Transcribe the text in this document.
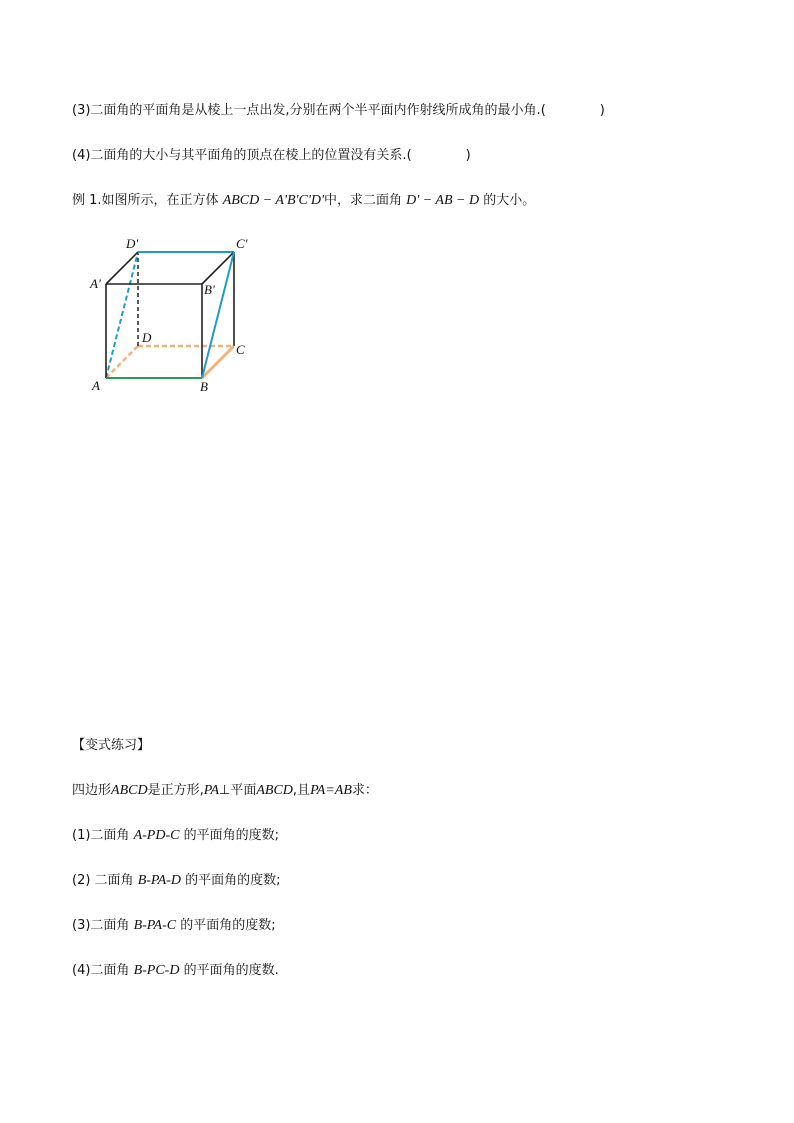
(3)二面角的平面角是从棱上一点出发,分别在两个半平面内作射线所成角的最小角.(	)
(4)二面角的大小与其平面角的顶点在棱上的位置没有关系.(	)
例 1.如图所示，在正方体 ABCD − A'B'C'D'中，求二面角 D' − AB − D 的大小。
D'	C'
A'	B'
D
C
A	B
【变式练习】
四边形ABCD是正方形,PA⊥平面ABCD,且PA=AB求：
(1)二面角 A-PD-C 的平面角的度数;
(2) 二面角 B-PA-D 的平面角的度数;
(3)二面角 B-PA-C 的平面角的度数;
(4)二面角 B-PC-D 的平面角的度数.
